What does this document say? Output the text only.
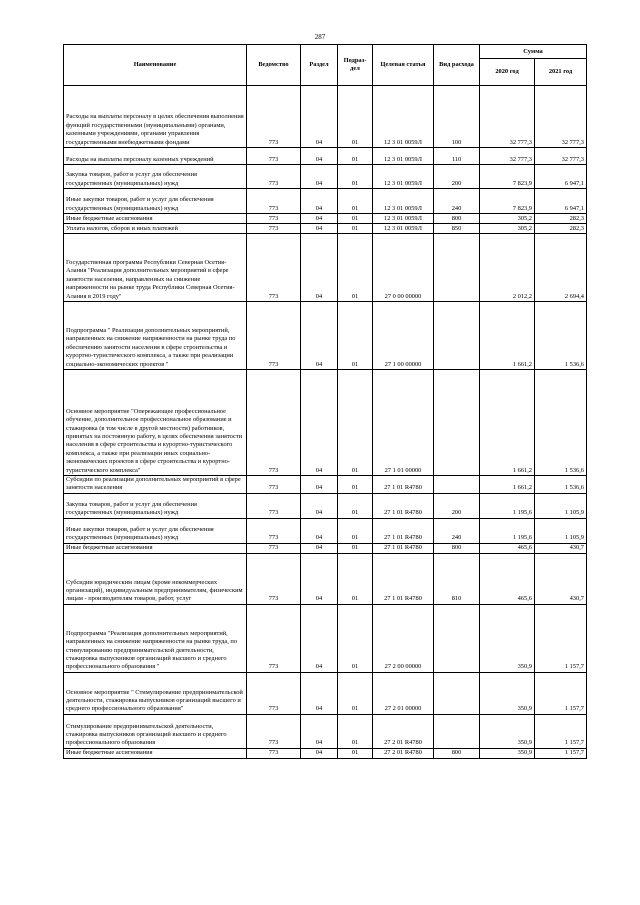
287
Наименование	Ведомство	Раздел	Подраз-дел	Целевая статья	Вид расхода	Сумма	
						2020 год	2021 год
Расходы на выплаты персоналу в целях обеспечения выполнения функций государственными (муниципальными) органами, казенными учреждениями, органами управления государственными внебюджетными фондами	773	04	01	12 3 01 0059Л	100	32 777,3	32 777,3
Расходы на выплаты персоналу казенных учреждений	773	04	01	12 3 01 0059Л	110	32 777,3	32 777,3
Закупка товаров, работ и услуг для обеспечения государственных (муниципальных) нужд	773	04	01	12 3 01 0059Л	200	7 823,9	6 947,1
Иные закупки товаров, работ и услуг для обеспечения государственных (муниципальных) нужд	773	04	01	12 3 01 0059Л	240	7 823,9	6 947,1
Иные бюджетные ассигнования	773	04	01	12 3 01 0059Л	800	305,2	282,3
Уплата налогов, сборов и иных платежей	773	04	01	12 3 01 0059Л	850	305,2	282,3
Государственная программа Республики Северная Осетия-Алания "Реализация дополнительных мероприятий в сфере занятости населения, направленных на снижение напряженности на рынке труда Республики Северная Осетия-Алания в 2019 году"	773	04	01	27 0 00 00000		2 012,2	2 694,4
Подпрограмма " Реализация дополнительных мероприятий, направленных на снижение напряженности на рынке труда по обеспечению занятости населения в сфере строительства и курортно-туристического комплекса, а также при реализации социально-экономических проектов "	773	04	01	27 1 00 00000		1 661,2	1 536,6
Основное мероприятие "Опережающее профессиональное обучение, дополнительное профессиональное образование и стажировка (в том числе в другой местности) работников, принятых на постоянную работу, в целях обеспечения занятости населения в сфере строительства и курортно-туристического комплекса, а также при реализации иных социально-экономических проектов в сфере строительства и курортно-туристического комплекса"	773	04	01	27 1 01 00000		1 661,2	1 536,6
Субсидии по реализации дополнительных мероприятий в сфере занятости населения	773	04	01	27 1 01 R4780		1 661,2	1 536,6
Закупка товаров, работ и услуг для обеспечения государственных (муниципальных) нужд	773	04	01	27 1 01 R4780	200	1 195,6	1 105,9
Иные закупки товаров, работ и услуг для обеспечения государственных (муниципальных) нужд	773	04	01	27 1 01 R4780	240	1 195,6	1 105,9
Иные бюджетные ассигнования	773	04	01	27 1 01 R4780	800	465,6	430,7
Субсидии юридическим лицам (кроме некоммерческих организаций), индивидуальным предпринимателям, физическим лицам - производителям товаров, работ, услуг	773	04	01	27 1 01 R4780	810	465,6	430,7
Подпрограмма "Реализация дополнительных мероприятий, направленных на снижение напряженности на рынке труда, по стимулированию предпринимательской деятельности, стажировка выпускников организаций высшего и среднего профессионального образования "	773	04	01	27 2 00 00000		350,9	1 157,7
Основное мероприятие " Стимулирование предпринимательской деятельности, стажировка выпускников организаций высшего и среднего профессионального образования"	773	04	01	27 2 01 00000		350,9	1 157,7
Стимулирование предпринимательской деятельности, стажировка выпускников организаций высшего и среднего профессионального образования	773	04	01	27 2 01 R4780		350,9	1 157,7
Иные бюджетные ассигнования	773	04	01	27 2 01 R4780	800	350,9	1 157,7
